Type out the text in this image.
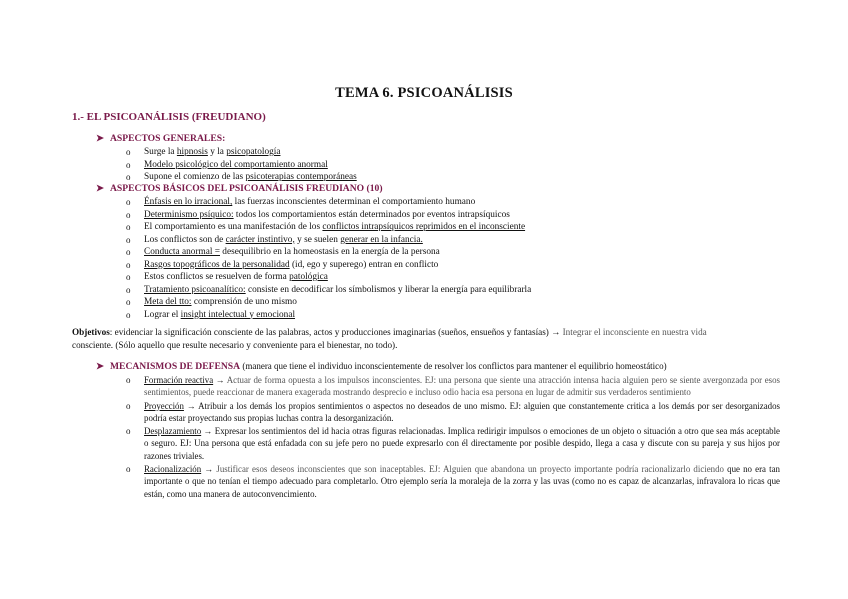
TEMA 6. PSICOANÁLISIS
1.- EL PSICOANÁLISIS (FREUDIANO)
➤ ASPECTOS GENERALES:
o Surge la hipnosis y la psicopatología
o Modelo psicológico del comportamiento anormal
o Supone el comienzo de las psicoterapias contemporáneas
➤ ASPECTOS BÁSICOS DEL PSICOANÁLISIS FREUDIANO (10)
o Énfasis en lo irracional, las fuerzas inconscientes determinan el comportamiento humano
o Determinismo psíquico: todos los comportamientos están determinados por eventos intrapsíquicos
o El comportamiento es una manifestación de los conflictos intrapsíquicos reprimidos en el inconsciente
o Los conflictos son de carácter instintivo, y se suelen generar en la infancia.
o Conducta anormal = desequilibrio en la homeostasis en la energía de la persona
o Rasgos topográficos de la personalidad (id, ego y superego) entran en conflicto
o Estos conflictos se resuelven de forma patológica
o Tratamiento psicoanalítico: consiste en decodificar los símbolismos y liberar la energía para equilibrarla
o Meta del tto: comprensión de uno mismo
o Lograr el insight intelectual y emocional
Objetivos: evidenciar la significación consciente de las palabras, actos y producciones imaginarias (sueños, ensueños y fantasías) → Integrar el inconsciente en nuestra vida
consciente. (Sólo aquello que resulte necesario y conveniente para el bienestar, no todo).
➤ MECANISMOS DE DEFENSA (manera que tiene el individuo inconscientemente de resolver los conflictos para mantener el equilibrio homeostático)
o Formación reactiva → Actuar de forma opuesta a los impulsos inconscientes. EJ: una persona que siente una atracción intensa hacia alguien pero se siente avergonzada por esos sentimientos, puede reaccionar de manera exagerada mostrando desprecio e incluso odio hacia esa persona en lugar de admitir sus verdaderos sentimiento
o Proyección → Atribuir a los demás los propios sentimientos o aspectos no deseados de uno mismo. EJ: alguien que constantemente critica a los demás por ser desorganizados podría estar proyectando sus propias luchas contra la desorganización.
o Desplazamiento → Expresar los sentimientos del id hacia otras figuras relacionadas. Implica redirigir impulsos o emociones de un objeto o situación a otro que sea más aceptable o seguro. EJ: Una persona que está enfadada con su jefe pero no puede expresarlo con él directamente por posible despido, llega a casa y discute con su pareja y sus hijos por razones triviales.
o Racionalización → Justificar esos deseos inconscientes que son inaceptables. EJ: Alguien que abandona un proyecto importante podría racionalizarlo diciendo que no era tan importante o que no tenían el tiempo adecuado para completarlo. Otro ejemplo sería la moraleja de la zorra y las uvas (como no es capaz de alcanzarlas, infravalora lo ricas que están, como una manera de autoconvencimiento.
